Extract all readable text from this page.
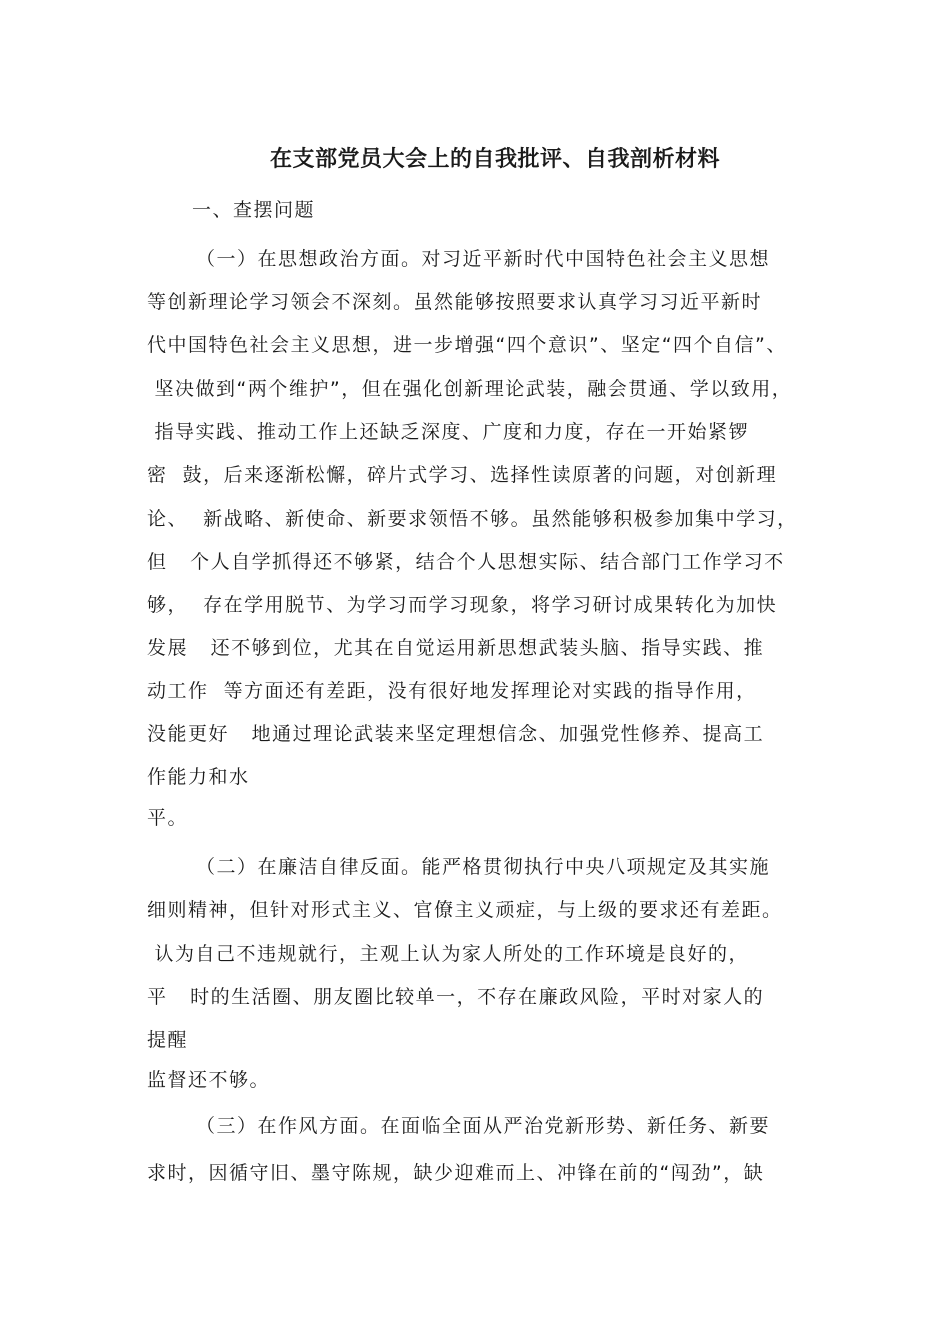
在支部党员大会上的自我批评、自我剖析材料
一、查摆问题
（一）在思想政治方面。对习近平新时代中国特色社会主义思想
等创新理论学习领会不深刻。虽然能够按照要求认真学习习近平新时
代中国特色社会主义思想，进一步增强“四个意识”、坚定“四个自信”、
坚决做到“两个维护”，但在强化创新理论武装，融会贯通、学以致用，
指导实践、推动工作上还缺乏深度、广度和力度，存在一开始紧锣
密  鼓，后来逐渐松懈，碎片式学习、选择性读原著的问题，对创新理
论、  新战略、新使命、新要求领悟不够。虽然能够积极参加集中学习，
但   个人自学抓得还不够紧，结合个人思想实际、结合部门工作学习不
够，  存在学用脱节、为学习而学习现象，将学习研讨成果转化为加快
发展   还不够到位，尤其在自觉运用新思想武装头脑、指导实践、推
动工作  等方面还有差距，没有很好地发挥理论对实践的指导作用，
没能更好   地通过理论武装来坚定理想信念、加强党性修养、提高工
作能力和水
平。
（二）在廉洁自律反面。能严格贯彻执行中央八项规定及其实施
细则精神，但针对形式主义、官僚主义顽症，与上级的要求还有差距。
认为自己不违规就行，主观上认为家人所处的工作环境是良好的，
平   时的生活圈、朋友圈比较单一，不存在廉政风险，平时对家人的
提醒
监督还不够。
（三）在作风方面。在面临全面从严治党新形势、新任务、新要
求时，因循守旧、墨守陈规，缺少迎难而上、冲锋在前的“闯劲”，缺
